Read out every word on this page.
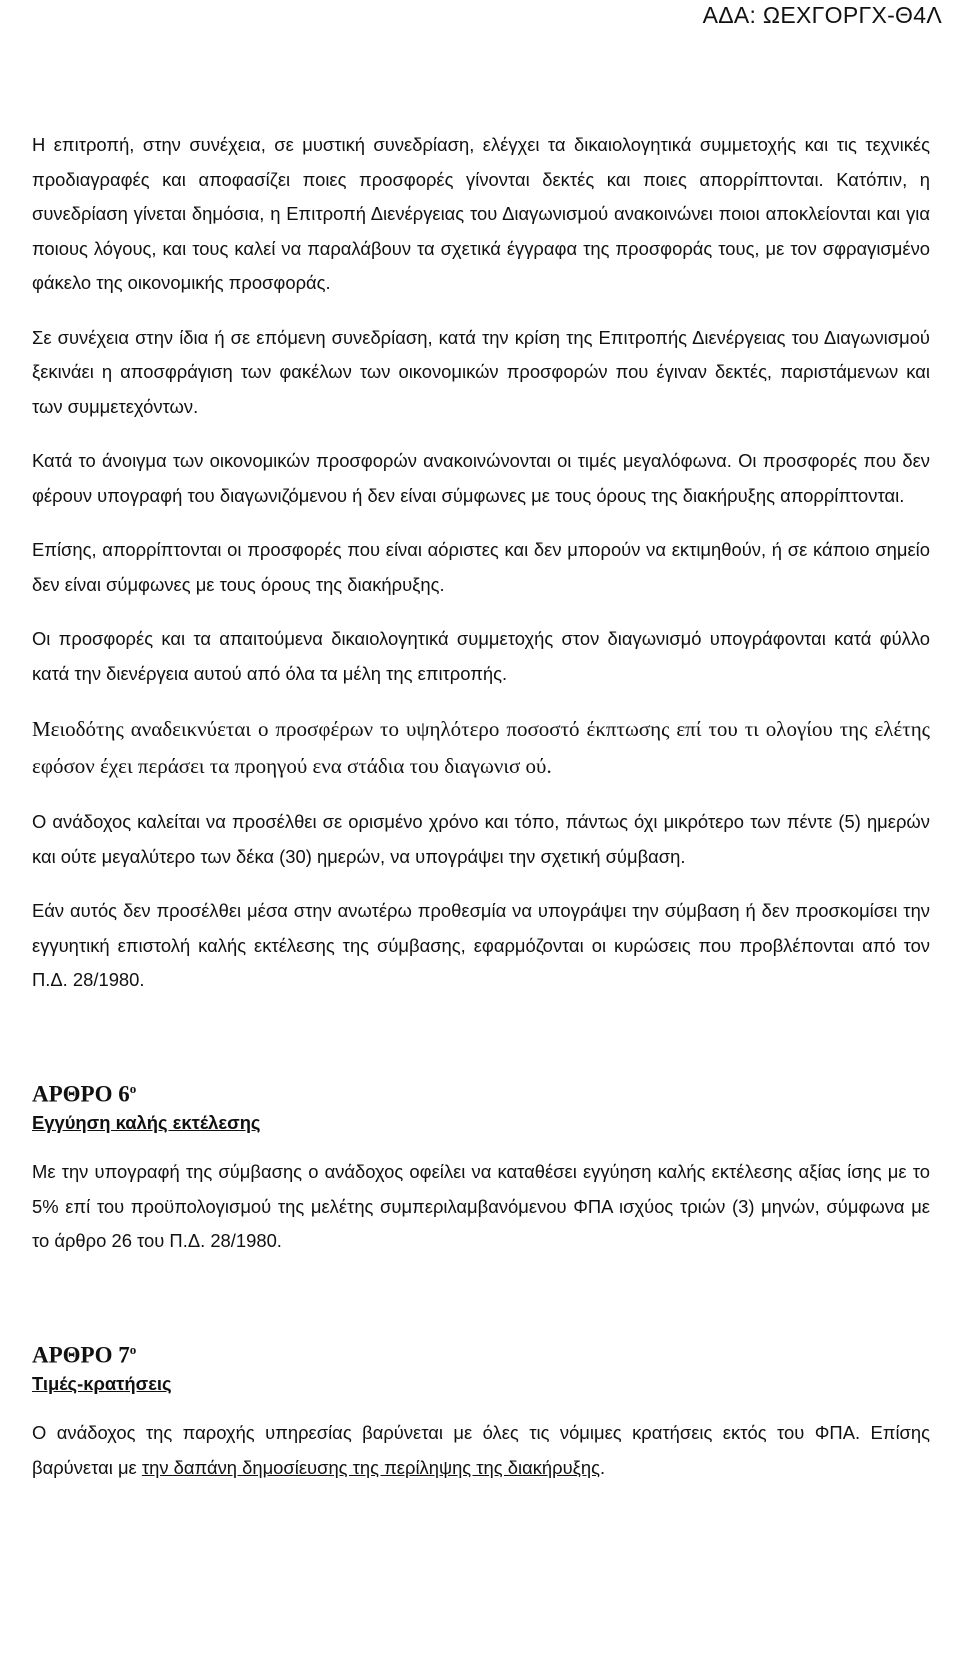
ΑΔΑ: ΩΕΧΓΟΡΓΧ-Θ4Λ

Η επιτροπή, στην συνέχεια, σε μυστική συνεδρίαση, ελέγχει τα δικαιολογητικά συμμετοχής και τις τεχνικές προδιαγραφές και αποφασίζει ποιες προσφορές γίνονται δεκτές και ποιες απορρίπτονται. Κατόπιν, η συνεδρίαση γίνεται δημόσια, η Επιτροπή Διενέργειας του Διαγωνισμού ανακοινώνει ποιοι αποκλείονται και για ποιους λόγους, και τους καλεί να παραλάβουν τα σχετικά έγγραφα της προσφοράς τους, με τον σφραγισμένο φάκελο της οικονομικής προσφοράς.

Σε συνέχεια στην ίδια ή σε επόμενη συνεδρίαση, κατά την κρίση της Επιτροπής Διενέργειας του Διαγωνισμού ξεκινάει η αποσφράγιση των φακέλων των οικονομικών προσφορών που έγιναν δεκτές, παριστάμενων και των συμμετεχόντων.

Κατά το άνοιγμα των οικονομικών προσφορών ανακοινώνονται οι τιμές μεγαλόφωνα. Οι προσφορές που δεν φέρουν υπογραφή του διαγωνιζόμενου ή δεν είναι σύμφωνες με τους όρους της διακήρυξης απορρίπτονται.

Επίσης, απορρίπτονται οι προσφορές που είναι αόριστες και δεν μπορούν να εκτιμηθούν, ή σε κάποιο σημείο δεν είναι σύμφωνες με τους όρους της διακήρυξης.

Οι προσφορές και τα απαιτούμενα δικαιολογητικά συμμετοχής στον διαγωνισμό υπογράφονται κατά φύλλο κατά την διενέργεια αυτού από όλα τα μέλη της επιτροπής.

Μειοδότης αναδεικνύεται ο προσφέρων το υψηλότερο ποσοστό έκπτωσης επί του τι ολογίου της ελέτης εφόσον έχει περάσει τα προηγού ενα στάδια του διαγωνισ ού.

Ο ανάδοχος καλείται να προσέλθει σε ορισμένο χρόνο και τόπο, πάντως όχι μικρότερο των πέντε (5) ημερών και ούτε μεγαλύτερο των δέκα (30) ημερών, να υπογράψει την σχετική σύμβαση.

Εάν αυτός δεν προσέλθει μέσα στην ανωτέρω προθεσμία να υπογράψει την σύμβαση ή δεν προσκομίσει την εγγυητική επιστολή καλής εκτέλεσης της σύμβασης, εφαρμόζονται οι κυρώσεις που προβλέπονται από τον Π.Δ. 28/1980.

ΑΡΘΡΟ $6^o$

Εγγύηση καλής εκτέλεσης

Με την υπογραφή της σύμβασης ο ανάδοχος οφείλει να καταθέσει εγγύηση καλής εκτέλεσης αξίας ίσης με το 5% επί του προϋπολογισμού της μελέτης συμπεριλαμβανόμενου ΦΠΑ ισχύος τριών (3) μηνών, σύμφωνα με το άρθρο 26 του Π.Δ. 28/1980.

ΑΡΘΡΟ $7^o$

Τιμές-κρατήσεις

Ο ανάδοχος της παροχής υπηρεσίας βαρύνεται με όλες τις νόμιμες κρατήσεις εκτός του ΦΠΑ. Επίσης βαρύνεται με την δαπάνη δημοσίευσης της περίληψης της διακήρυξης.
